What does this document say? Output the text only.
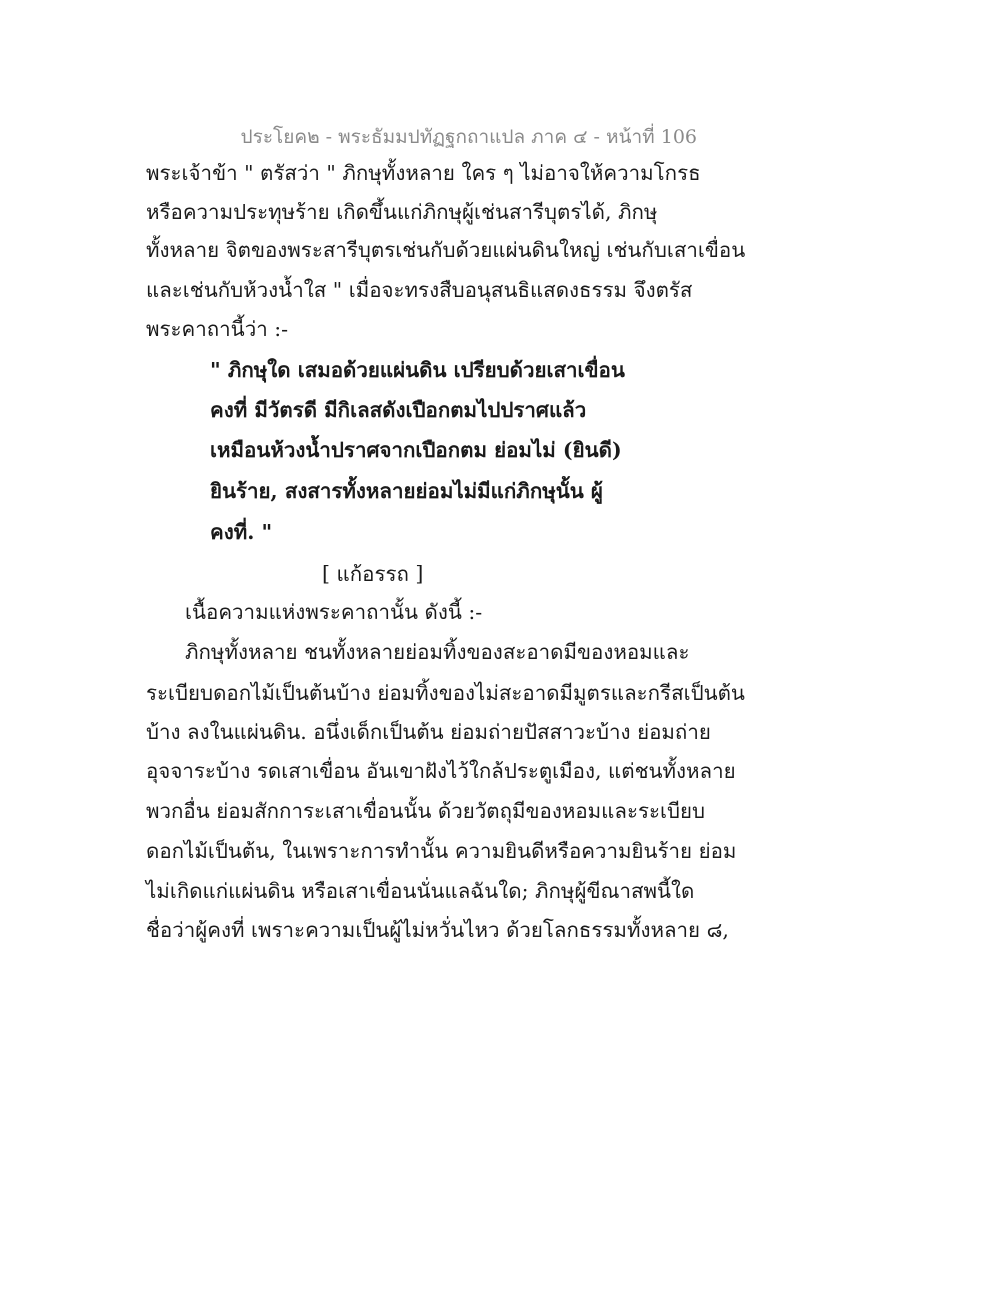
ประโยค๒ - พระธัมมปทัฏฐกถาแปล ภาค ๔ - หน้าที่ 106
พระเจ้าข้า " ตรัสว่า " ภิกษุทั้งหลาย ใคร ๆ ไม่อาจให้ความโกรธ
หรือความประทุษร้าย เกิดขึ้นแก่ภิกษุผู้เช่นสารีบุตรได้, ภิกษุ
ทั้งหลาย จิตของพระสารีบุตรเช่นกับด้วยแผ่นดินใหญ่ เช่นกับเสาเขื่อน
และเช่นกับห้วงน้ำใส " เมื่อจะทรงสืบอนุสนธิแสดงธรรม จึงตรัส
พระคาถานี้ว่า :-
" ภิกษุใด เสมอด้วยแผ่นดิน เปรียบด้วยเสาเขื่อน
คงที่ มีวัตรดี มีกิเลสดังเปือกตมไปปราศแล้ว
เหมือนห้วงน้ำปราศจากเปือกตม ย่อมไม่ (ยินดี)
ยินร้าย, สงสารทั้งหลายย่อมไม่มีแก่ภิกษุนั้น ผู้
คงที่. "
[ แก้อรรถ ]
เนื้อความแห่งพระคาถานั้น ดังนี้ :-
ภิกษุทั้งหลาย ชนทั้งหลายย่อมทิ้งของสะอาดมีของหอมและ
ระเบียบดอกไม้เป็นต้นบ้าง ย่อมทิ้งของไม่สะอาดมีมูตรและกรีสเป็นต้น
บ้าง ลงในแผ่นดิน. อนึ่งเด็กเป็นต้น ย่อมถ่ายปัสสาวะบ้าง ย่อมถ่าย
อุจจาระบ้าง รดเสาเขื่อน อันเขาฝังไว้ใกล้ประตูเมือง, แต่ชนทั้งหลาย
พวกอื่น ย่อมสักการะเสาเขื่อนนั้น ด้วยวัตถุมีของหอมและระเบียบ
ดอกไม้เป็นต้น, ในเพราะการทำนั้น ความยินดีหรือความยินร้าย ย่อม
ไม่เกิดแก่แผ่นดิน หรือเสาเขื่อนนั่นแลฉันใด; ภิกษุผู้ขีณาสพนี้ใด
ชื่อว่าผู้คงที่ เพราะความเป็นผู้ไม่หวั่นไหว ด้วยโลกธรรมทั้งหลาย ๘,
